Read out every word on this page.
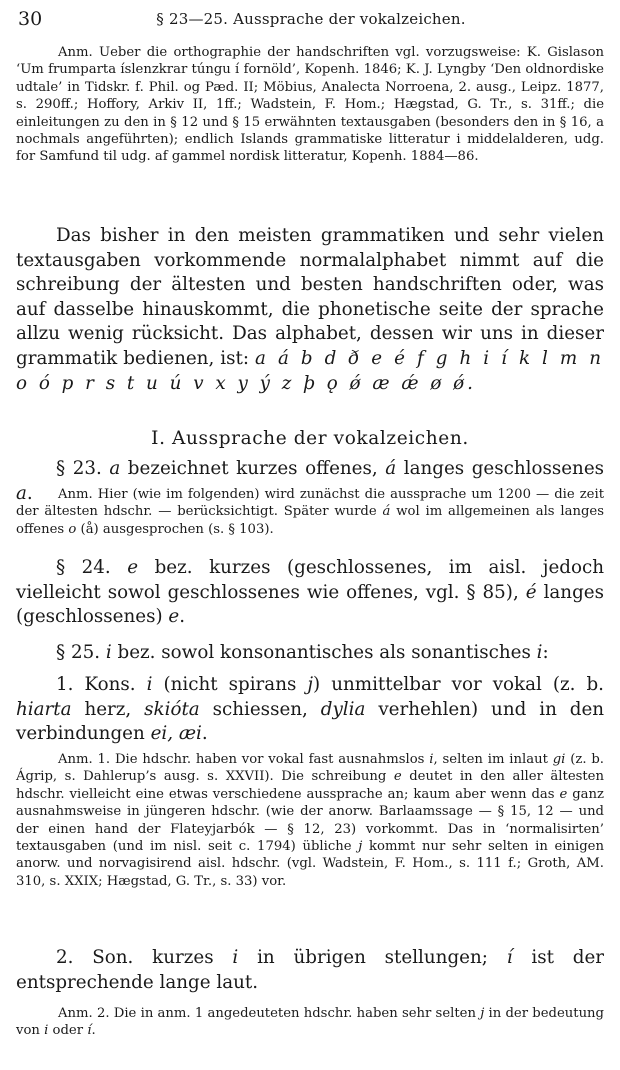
30	§ 23—25. Aussprache der vokalzeichen.

Anm. Ueber die orthographie der handschriften vgl. vorzugsweise: K. Gislason ‘Um frumparta íslenzkrar túngu í fornöld’, Kopenh. 1846; K. J. Lyngby ‘Den oldnordiske udtale’ in Tidskr. f. Phil. og Pæd. II; Möbius, Analecta Norroena, 2. ausg., Leipz. 1877, s. 290ff.; Hoffory, Arkiv II, 1ff.; Wadstein, F. Hom.; Hægstad, G. Tr., s. 31ff.; die einleitungen zu den in § 12 und § 15 erwähnten textausgaben (besonders den in § 16, a nochmals angeführten); endlich Islands grammatiske litteratur i middelalderen, udg. for Samfund til udg. af gammel nordisk litteratur, Kopenh. 1884—86.

Das bisher in den meisten grammatiken und sehr vielen textausgaben vorkommende normalalphabet nimmt auf die schreibung der ältesten und besten handschriften oder, was auf dasselbe hinauskommt, die phonetische seite der sprache allzu wenig rücksicht. Das alphabet, dessen wir uns in dieser grammatik bedienen, ist: a á b d ð e é f g h i í k l m n o ó p r s t u ú v x y ý z þ ǫ ǿ æ ǽ ø ǿ.

I. Aussprache der vokalzeichen.

§ 23. a bezeichnet kurzes offenes, á langes geschlossenes a.	Anm. Hier (wie im folgenden) wird zunächst die aussprache um 1200 — die zeit der ältesten hdschr. — berücksichtigt. Später wurde á wol im allgemeinen als langes offenes o (å) ausgesprochen (s. § 103).

§ 24. e bez. kurzes (geschlossenes, im aisl. jedoch vielleicht sowol geschlossenes wie offenes, vgl. § 85), é langes (geschlossenes) e.

§ 25. i bez. sowol konsonantisches als sonantisches i:

1. Kons. i (nicht spirans j) unmittelbar vor vokal (z. b. hiarta herz, skióta schiessen, dylia verhehlen) und in den verbindungen ei, æi.

Anm. 1. Die hdschr. haben vor vokal fast ausnahmslos i, selten im inlaut gi (z. b. Ágrip, s. Dahlerup’s ausg. s. XXVII). Die schreibung e deutet in den aller ältesten hdschr. vielleicht eine etwas verschiedene aussprache an; kaum aber wenn das e ganz ausnahmsweise in jüngeren hdschr. (wie der anorw. Barlaamssage — § 15, 12 — und der einen hand der Flateyjarbók — § 12, 23) vorkommt. Das in ‘normalisirten’ textausgaben (und im nisl. seit c. 1794) übliche j kommt nur sehr selten in einigen anorw. und norvagisirend aisl. hdschr. (vgl. Wadstein, F. Hom., s. 111 f.; Groth, AM. 310, s. XXIX; Hægstad, G. Tr., s. 33) vor.

2. Son. kurzes i in übrigen stellungen; í ist der entsprechende lange laut.

Anm. 2. Die in anm. 1 angedeuteten hdschr. haben sehr selten j in der bedeutung von i oder í.
